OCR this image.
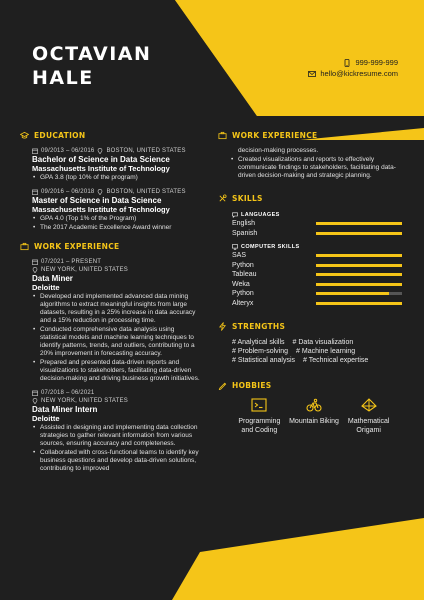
OCTAVIAN
HALE
999-999-999
hello@kickresume.com
EDUCATION
09/2013 – 06/2016 BOSTON, UNITED STATES
Bachelor of Science in Data Science
Massachusetts Institute of Technology
• GPA 3.8 (top 10% of the program)
09/2016 – 06/2018 BOSTON, UNITED STATES
Master of Science in Data Science
Massachusetts Institute of Technology
• GPA 4.0 (Top 1% of the Program)
• The 2017 Academic Excellence Award winner
WORK EXPERIENCE
07/2021 – PRESENT
NEW YORK, UNITED STATES
Data Miner
Deloitte
• Developed and implemented advanced data mining algorithms to extract meaningful insights from large datasets, resulting in a 25% increase in data accuracy and a 15% reduction in processing time.
• Conducted comprehensive data analysis using statistical models and machine learning techniques to identify patterns, trends, and outliers, contributing to a 20% improvement in forecasting accuracy.
• Prepared and presented data-driven reports and visualizations to stakeholders, facilitating data-driven decision-making and driving business growth initiatives.
07/2018 – 06/2021
NEW YORK, UNITED STATES
Data Miner Intern
Deloitte
• Assisted in designing and implementing data collection strategies to gather relevant information from various sources, ensuring accuracy and completeness.
• Collaborated with cross-functional teams to identify key business questions and develop data-driven solutions, contributing to improved
WORK EXPERIENCE

decision-making processes.

• Created visualizations and reports to effectively communicate findings to stakeholders, facilitating data-driven decision-making and strategic planning.
SKILLS
LANGUAGES
English
Spanish
COMPUTER SKILLS
SAS
Python
Tableau
Weka
Python
Alteryx
STRENGTHS
# Analytical skills # Data visualization
# Problem-solving # Machine learning
# Statistical analysis # Technical expertise
HOBBIES
Programming and Coding
Mountain Biking	Mathematical Origami
